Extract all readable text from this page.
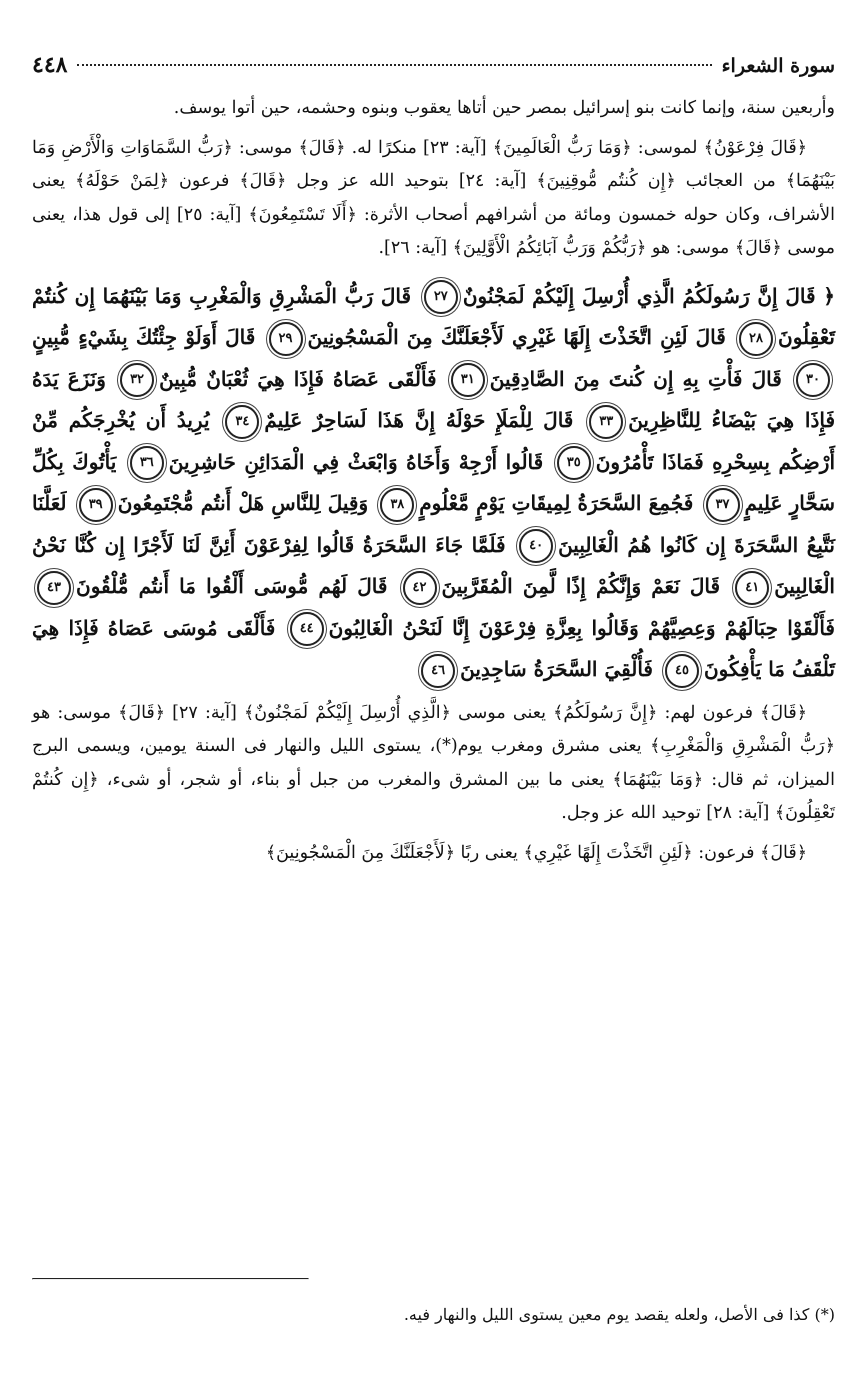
سورة الشعراء
٤٤٨

وأربعين سنة، وإنما كانت بنو إسرائيل بمصر حين أتاها يعقوب وبنوه وحشمه، حين أتوا يوسف.

﴿قَالَ فِرْعَوْنُ﴾ لموسى: ﴿وَمَا رَبُّ الْعَالَمِينَ﴾ [آية: ٢٣] منكرًا له. ﴿قَالَ﴾ موسى: ﴿رَبُّ السَّمَاوَاتِ وَالْأَرْضِ وَمَا بَيْنَهُمَا﴾ من العجائب ﴿إِن كُنتُم مُّوقِنِينَ﴾ [آية: ٢٤] بتوحيد الله عز وجل ﴿قَالَ﴾ فرعون ﴿لِمَنْ حَوْلَهُ﴾ يعنى الأشراف، وكان حوله خمسون ومائة من أشرافهم أصحاب الأثرة: ﴿أَلَا تَسْتَمِعُونَ﴾ [آية: ٢٥] إلى قول هذا، يعنى موسى ﴿قَالَ﴾ موسى: هو ﴿رَبُّكُمْ وَرَبُّ آبَائِكُمُ الْأَوَّلِينَ﴾ [آية: ٢٦].

﴿ قَالَ إِنَّ رَسُولَكُمُ الَّذِي أُرْسِلَ إِلَيْكُمْ لَمَجْنُونٌ٢٧ قَالَ رَبُّ الْمَشْرِقِ وَالْمَغْرِبِ وَمَا بَيْنَهُمَا إِن كُنتُمْ تَعْقِلُونَ٢٨ قَالَ لَئِنِ اتَّخَذْتَ إِلَهًا غَيْرِي لَأَجْعَلَنَّكَ مِنَ الْمَسْجُونِينَ٢٩ قَالَ أَوَلَوْ جِئْتُكَ بِشَيْءٍ مُّبِينٍ٣٠ قَالَ فَأْتِ بِهِ إِن كُنتَ مِنَ الصَّادِقِينَ٣١ فَأَلْقَى عَصَاهُ فَإِذَا هِيَ ثُعْبَانٌ مُّبِينٌ٣٢ وَنَزَعَ يَدَهُ فَإِذَا هِيَ بَيْضَاءُ لِلنَّاظِرِينَ٣٣ قَالَ لِلْمَلَإِ حَوْلَهُ إِنَّ هَذَا لَسَاحِرٌ عَلِيمٌ٣٤ يُرِيدُ أَن يُخْرِجَكُم مِّنْ أَرْضِكُم بِسِحْرِهِ فَمَاذَا تَأْمُرُونَ٣٥ قَالُوا أَرْجِهْ وَأَخَاهُ وَابْعَثْ فِي الْمَدَائِنِ حَاشِرِينَ٣٦ يَأْتُوكَ بِكُلِّ سَحَّارٍ عَلِيمٍ٣٧ فَجُمِعَ السَّحَرَةُ لِمِيقَاتِ يَوْمٍ مَّعْلُومٍ٣٨ وَقِيلَ لِلنَّاسِ هَلْ أَنتُم مُّجْتَمِعُونَ٣٩ لَعَلَّنَا نَتَّبِعُ السَّحَرَةَ إِن كَانُوا هُمُ الْغَالِبِينَ٤٠ فَلَمَّا جَاءَ السَّحَرَةُ قَالُوا لِفِرْعَوْنَ أَئِنَّ لَنَا لَأَجْرًا إِن كُنَّا نَحْنُ الْغَالِبِينَ٤١ قَالَ نَعَمْ وَإِنَّكُمْ إِذًا لَّمِنَ الْمُقَرَّبِينَ٤٢ قَالَ لَهُم مُّوسَى أَلْقُوا مَا أَنتُم مُّلْقُونَ٤٣ فَأَلْقَوْا حِبَالَهُمْ وَعِصِيَّهُمْ وَقَالُوا بِعِزَّةِ فِرْعَوْنَ إِنَّا لَنَحْنُ الْغَالِبُونَ٤٤ فَأَلْقَى مُوسَى عَصَاهُ فَإِذَا هِيَ تَلْقَفُ مَا يَأْفِكُونَ٤٥ فَأُلْقِيَ السَّحَرَةُ سَاجِدِينَ٤٦

﴿قَالَ﴾ فرعون لهم: ﴿إِنَّ رَسُولَكُمُ﴾ يعنى موسى ﴿الَّذِي أُرْسِلَ إِلَيْكُمْ لَمَجْنُونٌ﴾ [آية: ٢٧] ﴿قَالَ﴾ موسى: هو ﴿رَبُّ الْمَشْرِقِ وَالْمَغْرِبِ﴾ يعنى مشرق ومغرب يوم(*)، يستوى الليل والنهار فى السنة يومين، ويسمى البرج الميزان، ثم قال: ﴿وَمَا بَيْنَهُمَا﴾ يعنى ما بين المشرق والمغرب من جبل أو بناء، أو شجر، أو شىء، ﴿إِن كُنتُمْ تَعْقِلُونَ﴾ [آية: ٢٨] توحيد الله عز وجل.

﴿قَالَ﴾ فرعون: ﴿لَئِنِ اتَّخَذْتَ إِلَهًا غَيْرِي﴾ يعنى ربًا ﴿لَأَجْعَلَنَّكَ مِنَ الْمَسْجُونِينَ﴾

(*) كذا فى الأصل، ولعله يقصد يوم معين يستوى الليل والنهار فيه.
